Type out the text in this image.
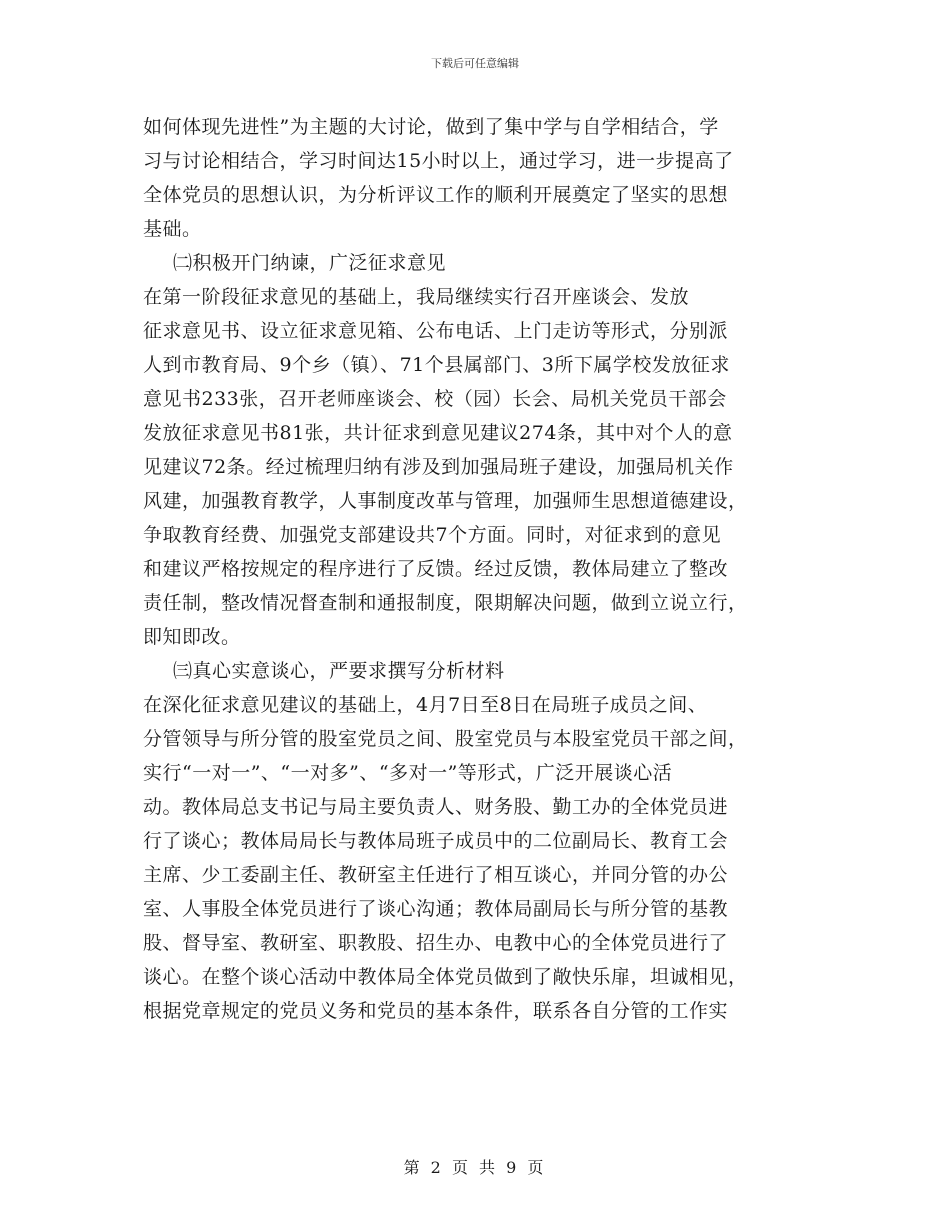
下载后可任意编辑
如何体现先进性”为主题的大讨论，做到了集中学与自学相结合，学
习与讨论相结合，学习时间达15小时以上，通过学习，进一步提高了
全体党员的思想认识，为分析评议工作的顺利开展奠定了坚实的思想
基础。
㈡积极开门纳谏，广泛征求意见
在第一阶段征求意见的基础上，我局继续实行召开座谈会、发放
征求意见书、设立征求意见箱、公布电话、上门走访等形式，分别派
人到市教育局、9个乡（镇）、71个县属部门、3所下属学校发放征求
意见书233张，召开老师座谈会、校（园）长会、局机关党员干部会
发放征求意见书81张，共计征求到意见建议274条，其中对个人的意
见建议72条。经过梳理归纳有涉及到加强局班子建设，加强局机关作
风建，加强教育教学，人事制度改革与管理，加强师生思想道德建设，
争取教育经费、加强党支部建设共7个方面。同时，对征求到的意见
和建议严格按规定的程序进行了反馈。经过反馈，教体局建立了整改
责任制，整改情况督查制和通报制度，限期解决问题，做到立说立行，
即知即改。
㈢真心实意谈心，严要求撰写分析材料
在深化征求意见建议的基础上，4月7日至8日在局班子成员之间、
分管领导与所分管的股室党员之间、股室党员与本股室党员干部之间，
实行“一对一”、“一对多”、“多对一”等形式，广泛开展谈心活
动。教体局总支书记与局主要负责人、财务股、勤工办的全体党员进
行了谈心；教体局局长与教体局班子成员中的二位副局长、教育工会
主席、少工委副主任、教研室主任进行了相互谈心，并同分管的办公
室、人事股全体党员进行了谈心沟通；教体局副局长与所分管的基教
股、督导室、教研室、职教股、招生办、电教中心的全体党员进行了
谈心。在整个谈心活动中教体局全体党员做到了敞快乐扉，坦诚相见，
根据党章规定的党员义务和党员的基本条件，联系各自分管的工作实
第 2 页 共 9 页
